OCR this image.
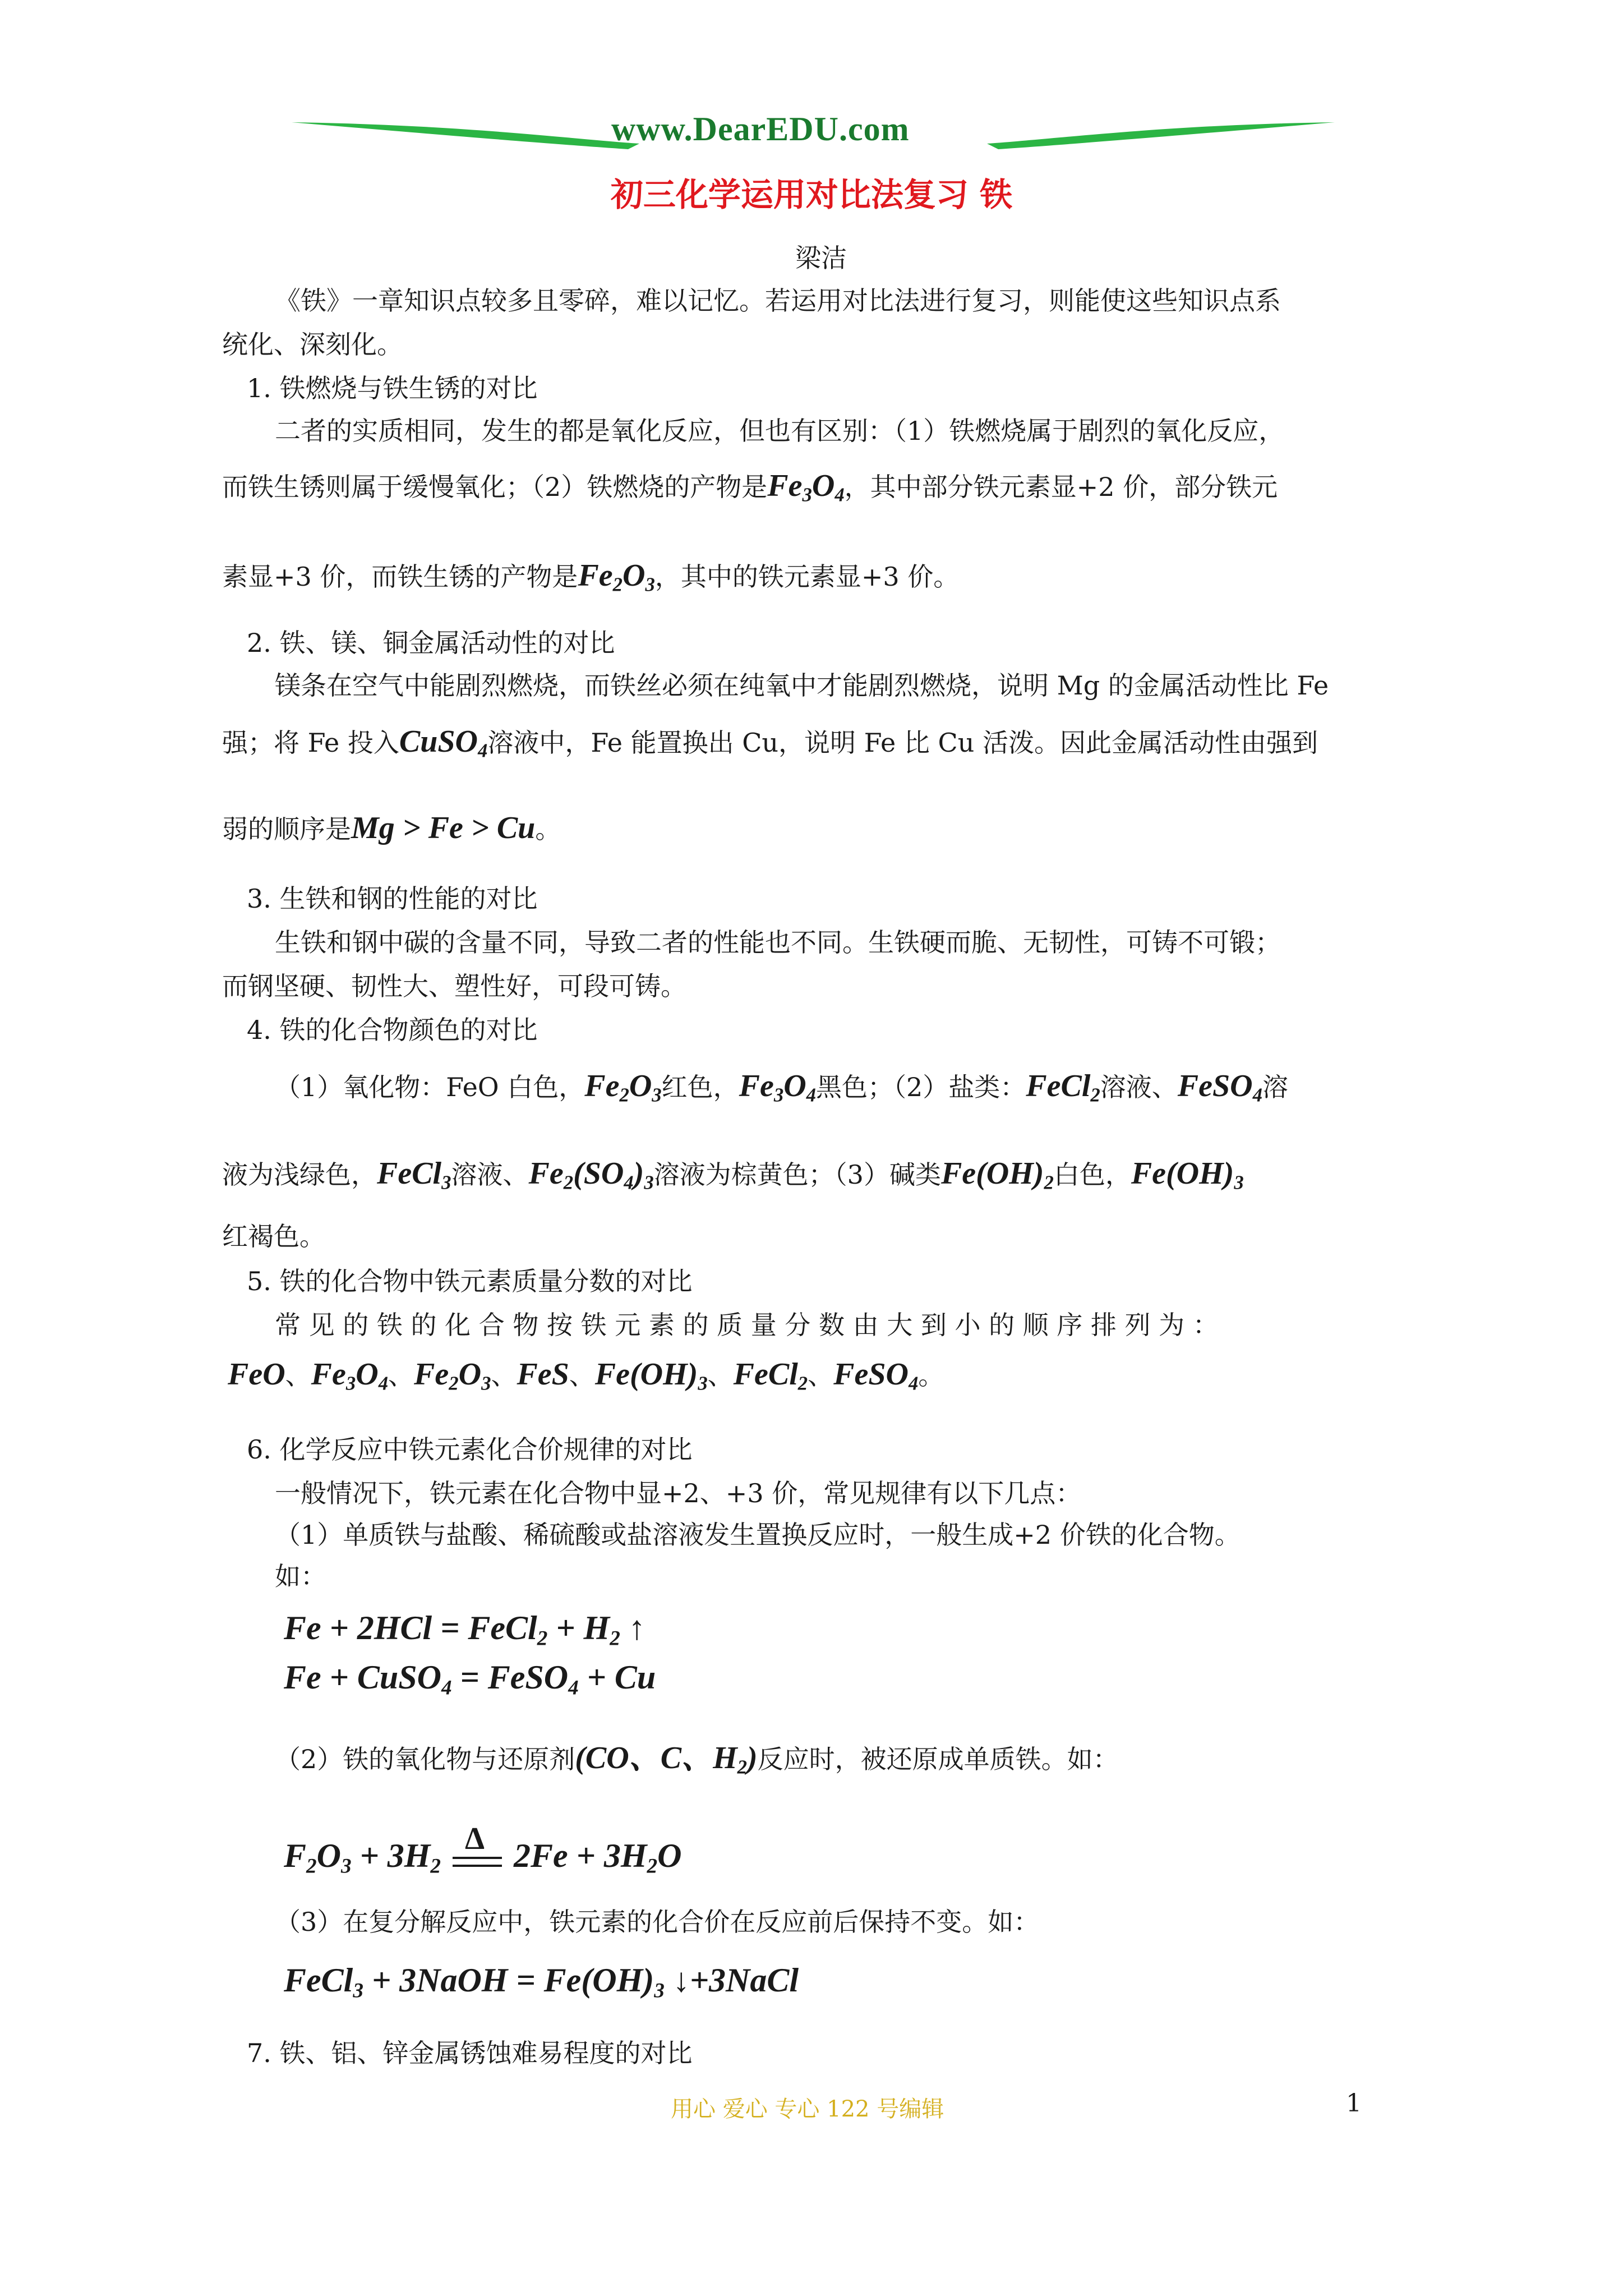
www.DearEDU.com
初三化学运用对比法复习 铁
梁洁
《铁》一章知识点较多且零碎，难以记忆。若运用对比法进行复习，则能使这些知识点系
统化、深刻化。
1. 铁燃烧与铁生锈的对比
二者的实质相同，发生的都是氧化反应，但也有区别：（1）铁燃烧属于剧烈的氧化反应，
而铁生锈则属于缓慢氧化；（2）铁燃烧的产物是$Fe_3O_4$，其中部分铁元素显+2 价，部分铁元
素显+3 价，而铁生锈的产物是$Fe_2O_3$，其中的铁元素显+3 价。
2. 铁、镁、铜金属活动性的对比
镁条在空气中能剧烈燃烧，而铁丝必须在纯氧中才能剧烈燃烧，说明 Mg 的金属活动性比 Fe
强；将 Fe 投入CuSO$_4$溶液中，Fe 能置换出 Cu，说明 Fe 比 Cu 活泼。因此金属活动性由强到
弱的顺序是Mg > Fe > Cu。
3. 生铁和钢的性能的对比
生铁和钢中碳的含量不同，导致二者的性能也不同。生铁硬而脆、无韧性，可铸不可锻；
而钢坚硬、韧性大、塑性好，可段可铸。
4. 铁的化合物颜色的对比
（1）氧化物：FeO 白色，$Fe_2O_3$红色，$Fe_3O_4$黑色；（2）盐类：FeCl$_2$溶液、FeSO$_4$溶
液为浅绿色，FeCl$_3$溶液、$Fe_2(SO_4)_3$溶液为棕黄色；（3）碱类$Fe(OH)_2$白色，$Fe(OH)_3$
红褐色。
5. 铁的化合物中铁元素质量分数的对比
常 见 的 铁 的 化 合 物 按 铁 元 素 的 质 量 分 数 由 大 到 小 的 顺 序 排 列 为 ：
FeO、$Fe_3O_4$、$Fe_2O_3$、FeS、$Fe(OH)_3$、FeCl$_2$、FeSO$_4$。
6. 化学反应中铁元素化合价规律的对比
一般情况下，铁元素在化合物中显+2、+3 价，常见规律有以下几点：
（1）单质铁与盐酸、稀硫酸或盐溶液发生置换反应时，一般生成+2 价铁的化合物。
如：
Fe + 2HCl = FeCl$_2$ + $H_2$ ↑
Fe + CuSO$_4$ = FeSO$_4$ + Cu
（2）铁的氧化物与还原剂(CO、C、$H_2$)反应时，被还原成单质铁。如：
$F_2O_3 + 3H_2$
Δ $2Fe + 3H_2O$
（3）在复分解反应中，铁元素的化合价在反应前后保持不变。如：
FeCl$_3$ + 3NaOH = $Fe(OH)_3$ ↓+3NaCl
7. 铁、铝、锌金属锈蚀难易程度的对比
用心 爱心 专心 122 号编辑	1
